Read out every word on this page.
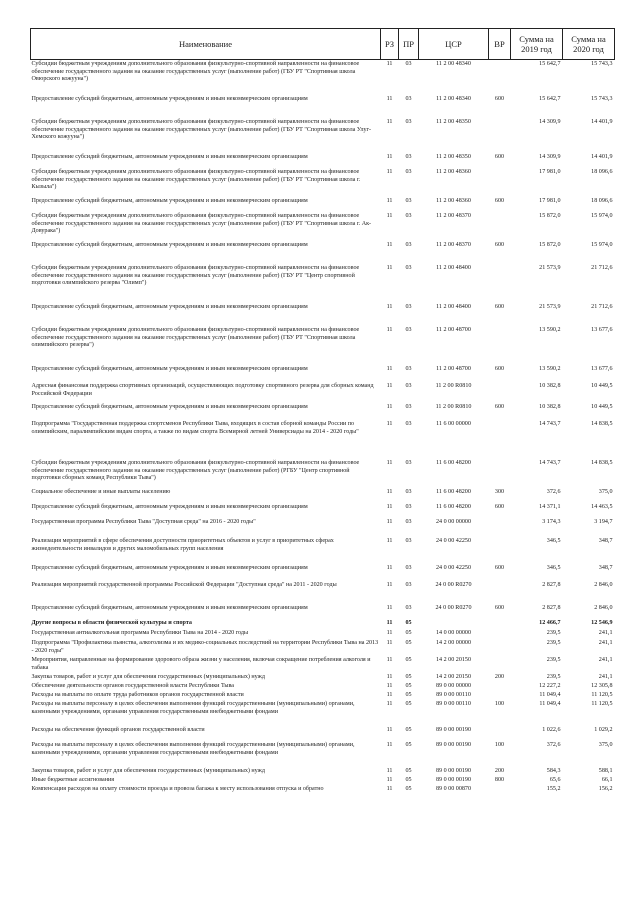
Наименование	РЗ	ПР	ЦСР	ВР	Сумма на 2019 год	Сумма на 2020 год
Субсидии бюджетным учреждениям дополнительного образования физкультурно-спортивной направленности на финансовое обеспечение государственного задания на оказание государственных услуг (выполнение работ) (ГБУ РТ "Спортивная школа Овюрского кожууна")	11	03	11 2 00 48340		15 642,7	15 743,3
Предоставление субсидий бюджетным, автономным учреждениям и иным некоммерческим организациям	11	03	11 2 00 48340	600	15 642,7	15 743,3
Субсидии бюджетным учреждениям дополнительного образования физкультурно-спортивной направленности на финансовое обеспечение государственного задания на оказание государственных услуг (выполнение работ) (ГБУ РТ "Спортивная школа Улуг-Хемского кожууна")	11	03	11 2 00 48350		14 309,9	14 401,9
Предоставление субсидий бюджетным, автономным учреждениям и иным некоммерческим организациям	11	03	11 2 00 48350	600	14 309,9	14 401,9
Субсидии бюджетным учреждениям дополнительного образования физкультурно-спортивной направленности на финансовое обеспечение государственного задания на оказание государственных услуг (выполнение работ) (ГБУ РТ "Спортивная школа г. Кызыла")	11	03	11 2 00 48360		17 981,0	18 096,6
Предоставление субсидий бюджетным, автономным учреждениям и иным некоммерческим организациям	11	03	11 2 00 48360	600	17 981,0	18 096,6
Субсидии бюджетным учреждениям дополнительного образования физкультурно-спортивной направленности на финансовое обеспечение государственного задания на оказание государственных услуг (выполнение работ) (ГБУ РТ "Спортивная школа г. Ак-Довурака")	11	03	11 2 00 48370		15 872,0	15 974,0
Предоставление субсидий бюджетным, автономным учреждениям и иным некоммерческим организациям	11	03	11 2 00 48370	600	15 872,0	15 974,0
Субсидии бюджетным учреждениям дополнительного образования физкультурно-спортивной направленности на финансовое обеспечение государственного задания на оказание государственных услуг (выполнение работ) (ГБУ РТ "Центр спортивной подготовки олимпийского резерва "Олимп")	11	03	11 2 00 48400		21 573,9	21 712,6
Предоставление субсидий бюджетным, автономным учреждениям и иным некоммерческим организациям	11	03	11 2 00 48400	600	21 573,9	21 712,6
Субсидии бюджетным учреждениям дополнительного образования физкультурно-спортивной направленности на финансовое обеспечение государственного задания на оказание государственных услуг (выполнение работ) (ГБУ РТ "Спортивная школа олимпийского резерва")	11	03	11 2 00 48700		13 590,2	13 677,6
Предоставление субсидий бюджетным, автономным учреждениям и иным некоммерческим организациям	11	03	11 2 00 48700	600	13 590,2	13 677,6
Адресная финансовая поддержка спортивных организаций, осуществляющих подготовку спортивного резерва для сборных команд Российской Федерации	11	03	11 2 00 R0810		10 382,8	10 449,5
Предоставление субсидий бюджетным, автономным учреждениям и иным некоммерческим организациям	11	03	11 2 00 R0810	600	10 382,8	10 449,5
Подпрограмма "Государственная поддержка спортсменов Республики Тыва, входящих в состав сборной команды России по олимпийским, паралимпийским видам спорта, а также по видам спорта Всемирной летней Универсиады на 2014 - 2020 годы"	11	03	11 6 00 00000		14 743,7	14 838,5
Субсидии бюджетным учреждениям дополнительного образования физкультурно-спортивной направленности на финансовое обеспечение государственного задания на оказание государственных услуг (выполнение работ) (РГБУ "Центр спортивной подготовки сборных команд Республики Тыва")	11	03	11 6 00 48200		14 743,7	14 838,5
Социальное обеспечение и иные выплаты населению	11	03	11 6 00 48200	300	372,6	375,0
Предоставление субсидий бюджетным, автономным учреждениям и иным некоммерческим организациям	11	03	11 6 00 48200	600	14 371,1	14 463,5
Государственная программа Республики Тыва "Доступная среда" на 2016 - 2020 годы"	11	03	24 0 00 00000		3 174,3	3 194,7
Реализация мероприятий в сфере обеспечения доступности приоритетных объектов и услуг в приоритетных сферах жизнедеятельности инвалидов и других маломобильных групп населения	11	03	24 0 00 42250		346,5	348,7
Предоставление субсидий бюджетным, автономным учреждениям и иным некоммерческим организациям	11	03	24 0 00 42250	600	346,5	348,7
Реализация мероприятий государственной программы Российской Федерации "Доступная среда" на 2011 - 2020 годы	11	03	24 0 00 R0270		2 827,8	2 846,0
Предоставление субсидий бюджетным, автономным учреждениям и иным некоммерческим организациям	11	03	24 0 00 R0270	600	2 827,8	2 846,0
Другие вопросы в области физической культуры и спорта	11	05			12 466,7	12 546,9
Государственная антиалкогольная программа Республики Тыва на 2014 - 2020 годы	11	05	14 0 00 00000		239,5	241,1
Подпрограмма "Профилактика пьянства, алкоголизма и их медико-социальных последствий на территории Республики Тыва на 2013 - 2020 годы"	11	05	14 2 00 00000		239,5	241,1
Мероприятия, направленные на формирование здорового образа жизни у населения, включая сокращение потребления алкоголя и табака	11	05	14 2 00 20150		239,5	241,1
Закупка товаров, работ и услуг для обеспечения государственных (муниципальных) нужд	11	05	14 2 00 20150	200	239,5	241,1
Обеспечение деятельности органов государственной власти Республики Тыва	11	05	89 0 00 00000		12 227,2	12 305,8
Расходы на выплаты по оплате труда работников органов государственной власти	11	05	89 0 00 00110		11 049,4	11 120,5
Расходы на выплаты персоналу в целях обеспечения выполнения функций государственными (муниципальными) органами, казенными учреждениями, органами управления государственными внебюджетными фондами	11	05	89 0 00 00110	100	11 049,4	11 120,5
Расходы на обеспечение функций органов государственной власти	11	05	89 0 00 00190		1 022,6	1 029,2
Расходы на выплаты персоналу в целях обеспечения выполнения функций государственными (муниципальными) органами, казенными учреждениями, органами управления государственными внебюджетными фондами	11	05	89 0 00 00190	100	372,6	375,0
Закупка товаров, работ и услуг для обеспечения государственных (муниципальных) нужд	11	05	89 0 00 00190	200	584,3	588,1
Иные бюджетные ассигнования	11	05	89 0 00 00190	800	65,6	66,1
Компенсация расходов на оплату стоимости проезда и провоза багажа к месту использования отпуска и обратно	11	05	89 0 00 00870		155,2	156,2
